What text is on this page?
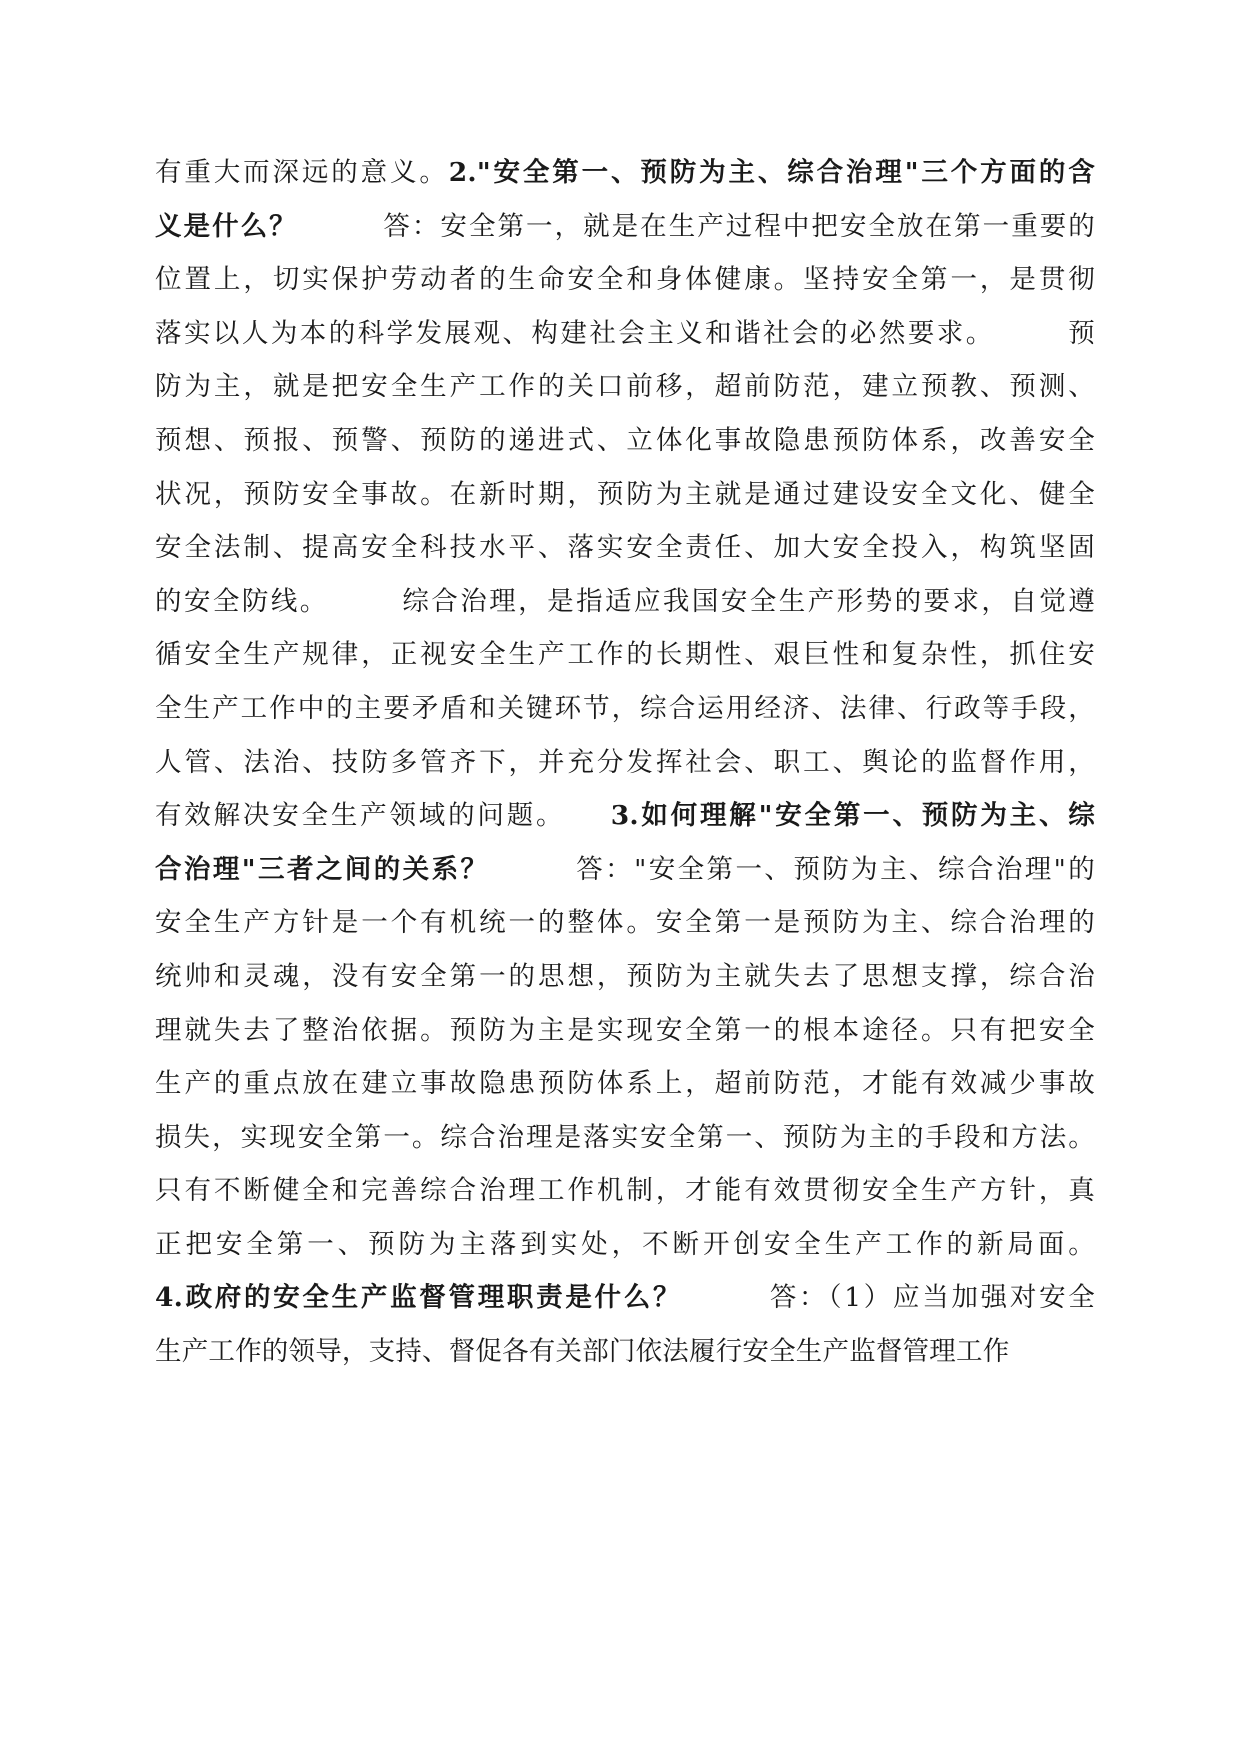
有重大而深远的意义。2."安全第一、预防为主、综合治理"三个方面的含
义是什么？　　　答：安全第一，就是在生产过程中把安全放在第一重要的
位置上，切实保护劳动者的生命安全和身体健康。坚持安全第一，是贯彻
落实以人为本的科学发展观、构建社会主义和谐社会的必然要求。　　　预
防为主，就是把安全生产工作的关口前移，超前防范，建立预教、预测、
预想、预报、预警、预防的递进式、立体化事故隐患预防体系，改善安全
状况，预防安全事故。在新时期，预防为主就是通过建设安全文化、健全
安全法制、提高安全科技水平、落实安全责任、加大安全投入，构筑坚固
的安全防线。　　　综合治理，是指适应我国安全生产形势的要求，自觉遵
循安全生产规律，正视安全生产工作的长期性、艰巨性和复杂性，抓住安
全生产工作中的主要矛盾和关键环节，综合运用经济、法律、行政等手段，
人管、法治、技防多管齐下，并充分发挥社会、职工、舆论的监督作用，
有效解决安全生产领域的问题。　　3.如何理解"安全第一、预防为主、综
合治理"三者之间的关系？　　　答："安全第一、预防为主、综合治理"的
安全生产方针是一个有机统一的整体。安全第一是预防为主、综合治理的
统帅和灵魂，没有安全第一的思想，预防为主就失去了思想支撑，综合治
理就失去了整治依据。预防为主是实现安全第一的根本途径。只有把安全
生产的重点放在建立事故隐患预防体系上，超前防范，才能有效减少事故
损失，实现安全第一。综合治理是落实安全第一、预防为主的手段和方法。
只有不断健全和完善综合治理工作机制，才能有效贯彻安全生产方针，真
正把安全第一、预防为主落到实处，不断开创安全生产工作的新局面。
4.政府的安全生产监督管理职责是什么？　　　答：（1）应当加强对安全
生产工作的领导，支持、督促各有关部门依法履行安全生产监督管理工作
